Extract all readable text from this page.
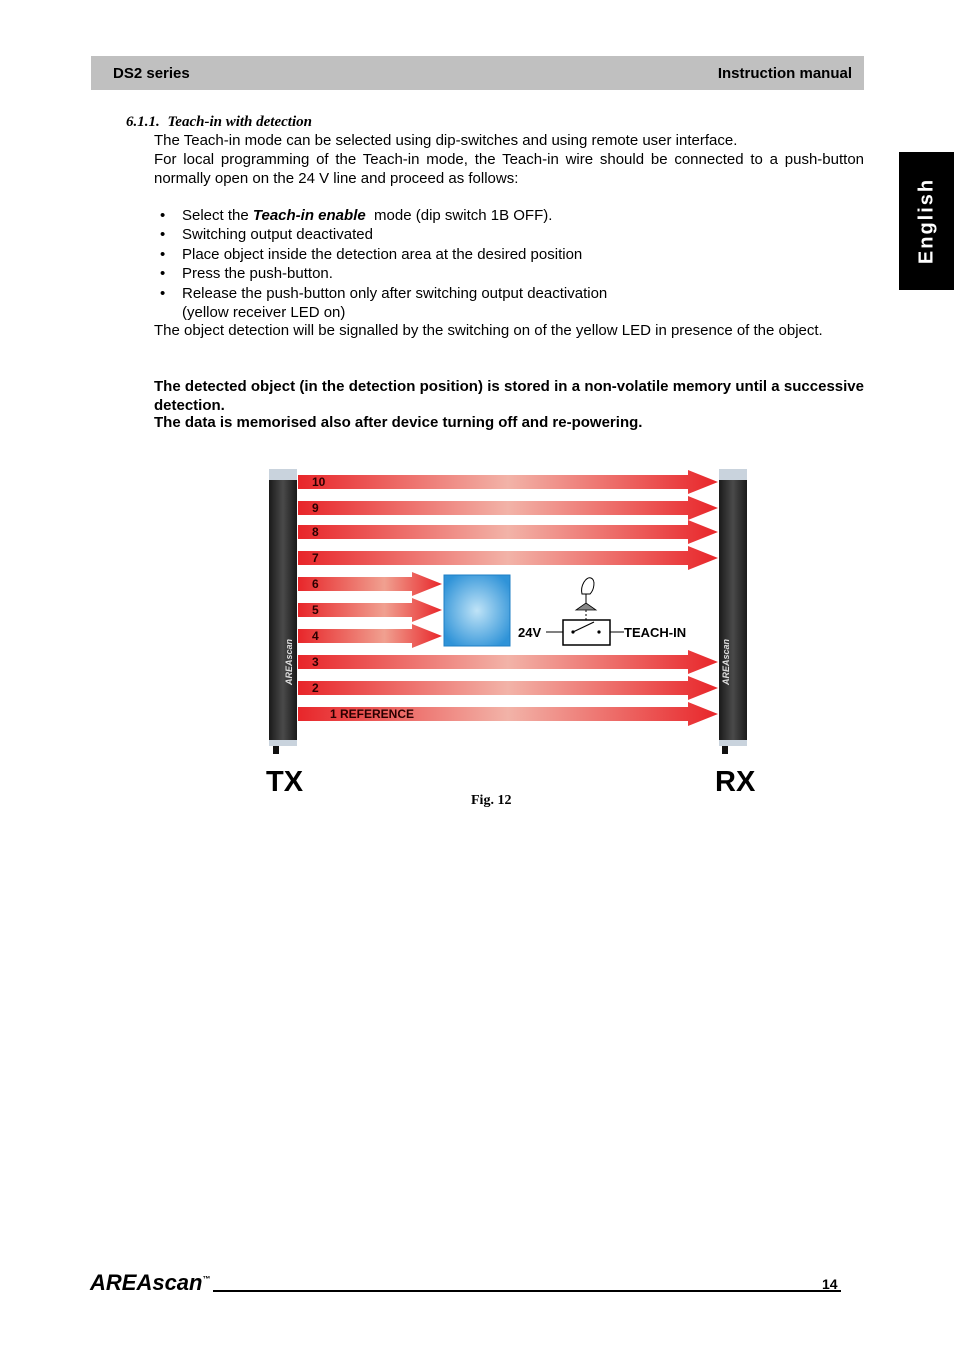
DS2 series	Instruction manual
English
6.1.1. Teach-in with detection
The Teach-in mode can be selected using dip-switches and using remote user interface.
For local programming of the Teach-in mode, the Teach-in wire should be connected to a push-button normally open on the 24 V line and proceed as follows:
• Select the Teach-in enable  mode (dip switch 1B OFF).
• Switching output deactivated
• Place object inside the detection area at the desired position
• Press the push-button.
• Release the push-button only after switching output deactivation
(yellow receiver LED on)
The object detection will be signalled by the switching on of the yellow LED in presence of the object.
The detected object (in the detection position) is stored in a non-volatile memory until a successive detection.
The data is memorised also after device turning off and re-powering.
10
9
8
7
6
5
4
3
2
1 REFERENCE
AREAscan	AREAscan
24V	TEACH-IN
TX	RX
Fig. 12
AREAscan™	14
